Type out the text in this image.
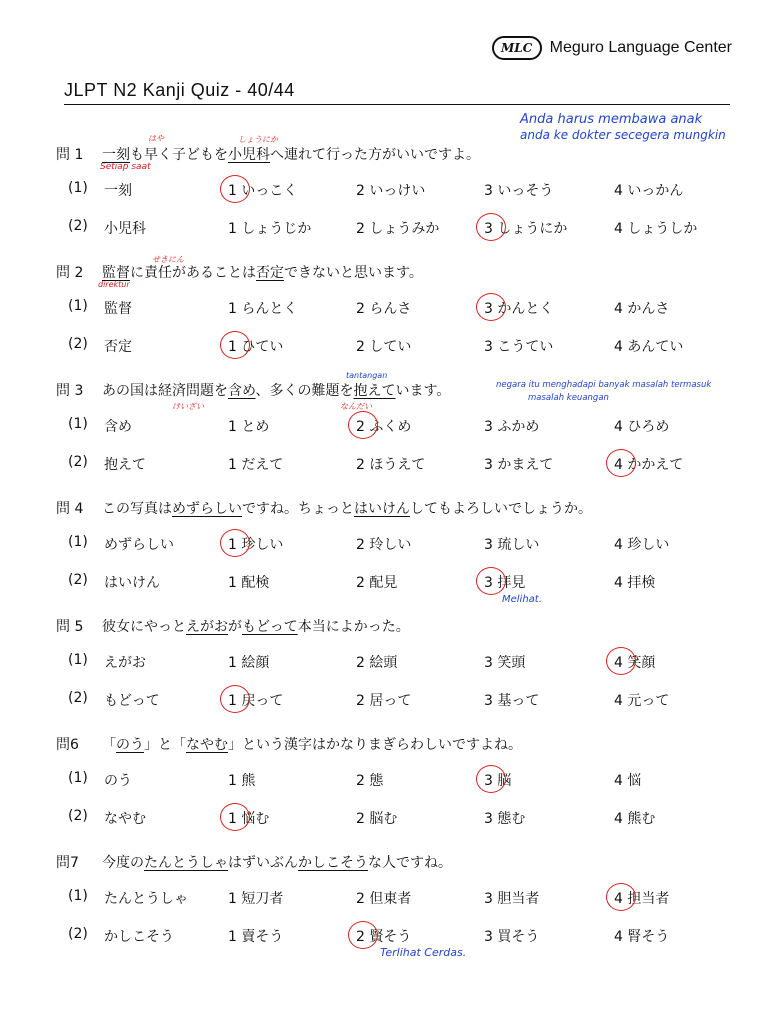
MLC	Meguro Language Center
JLPT N2 Kanji Quiz - 40/44
Anda harus membawa anak
anda ke dokter secegera mungkin
はや	しょうにか
Setiap saat
direktur
せきにん
tantangan
けいざい	なんだい
negara itu menghadapi banyak masalah termasuk
masalah keuangan
Melihat.
Terlihat Cerdas.
問 1	一刻も早く子どもを小児科へ連れて行った方がいいですよ。
(1) 一刻	1 いっこく	2 いっけい	3 いっそう	4 いっかん
(2) 小児科	1 しょうじか	2 しょうみか	3 しょうにか	4 しょうしか
問 2	監督に責任があることは否定できないと思います。
(1) 監督	1 らんとく	2 らんさ	3 かんとく	4 かんさ
(2) 否定	1 ひてい	2 してい	3 こうてい	4 あんてい
問 3	あの国は経済問題を含め、多くの難題を抱えています。
(1) 含め	1 とめ	2 ふくめ	3 ふかめ	4 ひろめ
(2) 抱えて	1 だえて	2 ほうえて	3 かまえて	4 かかえて
問 4	この写真はめずらしいですね。ちょっとはいけんしてもよろしいでしょうか。
(1) めずらしい	1 珍しい	2 玲しい	3 琉しい	4 珍しい
(2) はいけん	1 配検	2 配見	3 拝見	4 拝検
問 5	彼女にやっとえがおがもどって本当によかった。
(1) えがお	1 絵顔	2 絵頭	3 笑頭	4 笑顔
(2) もどって	1 戻って	2 居って	3 基って	4 元って
問6	「のう」と「なやむ」という漢字はかなりまぎらわしいですよね。
(1) のう	1 熊	2 態	3 脳	4 悩
(2) なやむ	1 悩む	2 脳む	3 態む	4 熊む
問7	今度のたんとうしゃはずいぶんかしこそうな人ですね。
(1) たんとうしゃ	1 短刀者	2 但東者	3 胆当者	4 担当者
(2) かしこそう	1 賣そう	2 賢そう	3 買そう	4 腎そう
